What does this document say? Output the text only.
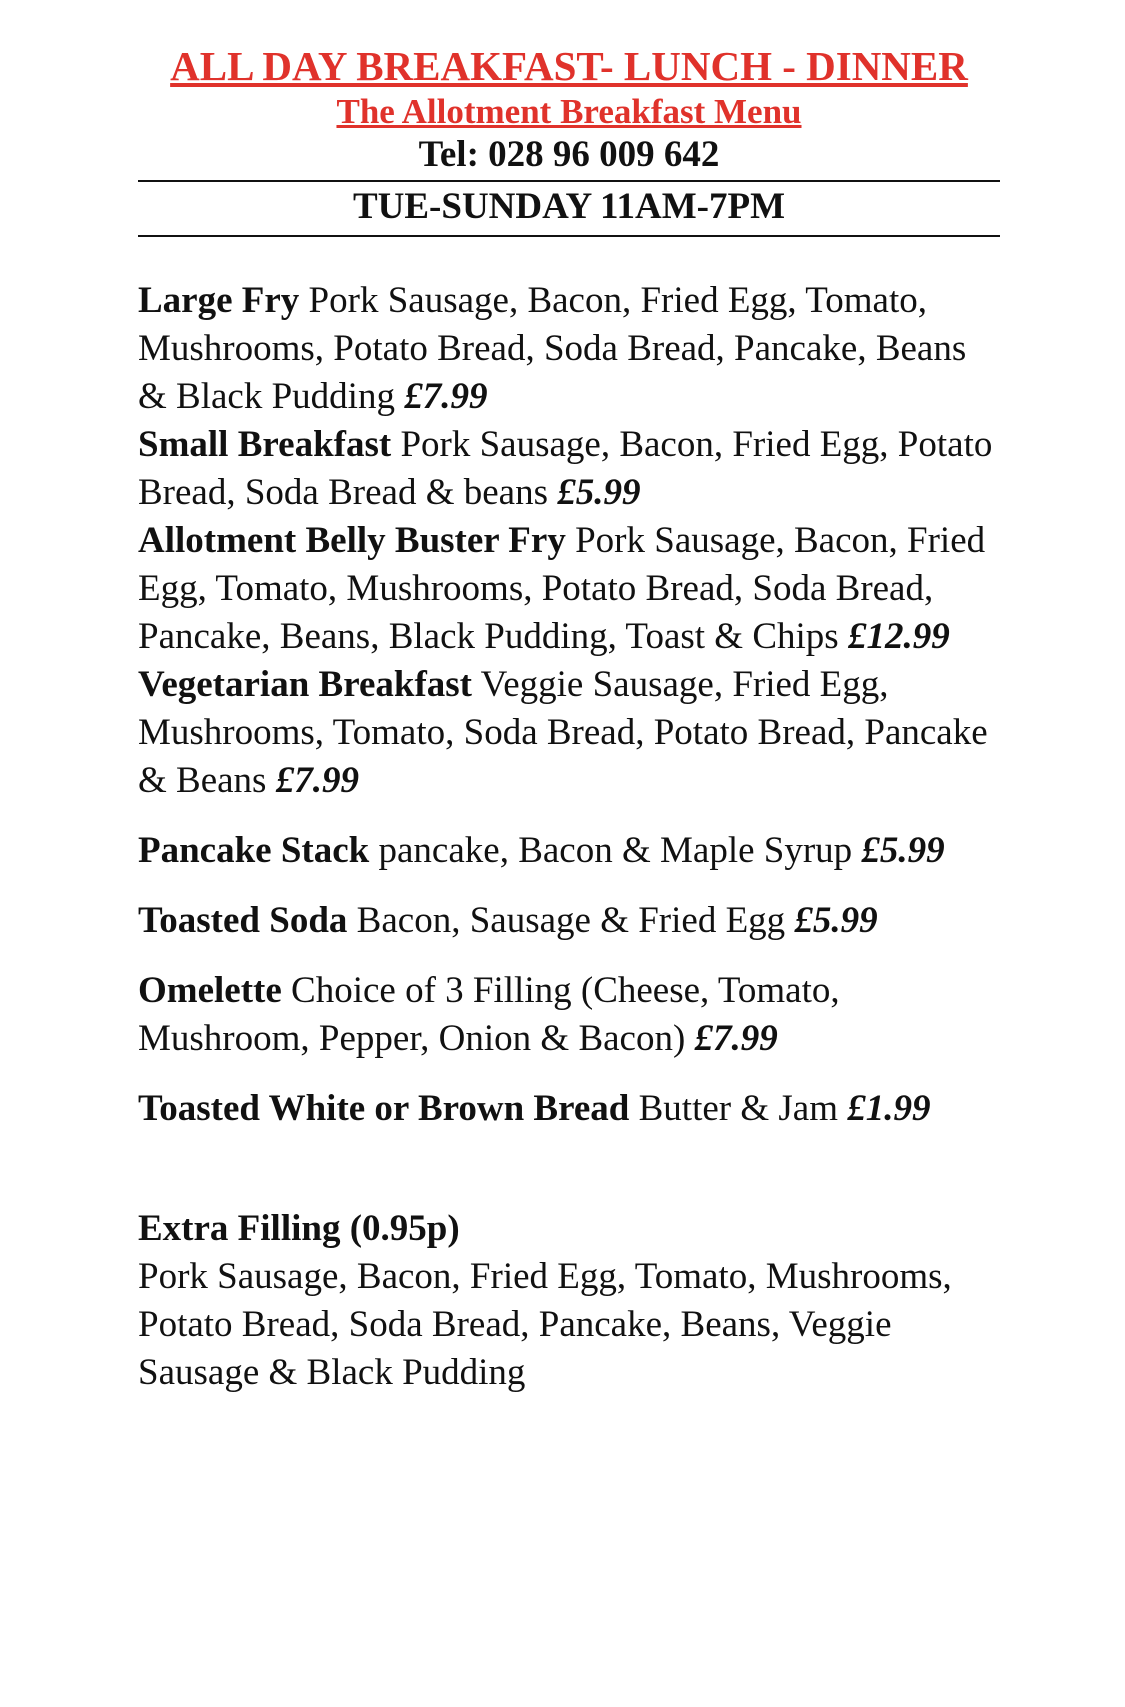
ALL DAY BREAKFAST- LUNCH - DINNER
The Allotment Breakfast Menu
Tel: 028 96 009 642
TUE-SUNDAY 11AM-7PM

Large Fry Pork Sausage, Bacon, Fried Egg, Tomato, Mushrooms, Potato Bread, Soda Bread, Pancake, Beans & Black Pudding £7.99

Small Breakfast Pork Sausage, Bacon, Fried Egg, Potato Bread, Soda Bread & beans £5.99

Allotment Belly Buster Fry Pork Sausage, Bacon, Fried Egg, Tomato, Mushrooms, Potato Bread, Soda Bread, Pancake, Beans, Black Pudding, Toast & Chips £12.99

Vegetarian Breakfast Veggie Sausage, Fried Egg, Mushrooms, Tomato, Soda Bread, Potato Bread, Pancake & Beans £7.99

Pancake Stack pancake, Bacon & Maple Syrup £5.99

Toasted Soda Bacon, Sausage & Fried Egg £5.99

Omelette Choice of 3 Filling (Cheese, Tomato, Mushroom, Pepper, Onion & Bacon) £7.99

Toasted White or Brown Bread Butter & Jam £1.99

Extra Filling (0.95p)
Pork Sausage, Bacon, Fried Egg, Tomato, Mushrooms, Potato Bread, Soda Bread, Pancake, Beans, Veggie Sausage & Black Pudding
